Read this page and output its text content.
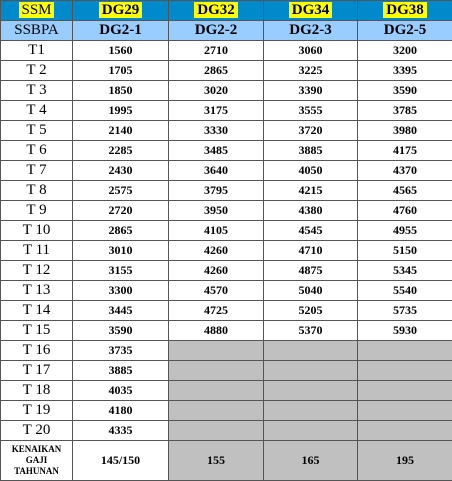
SSM	DG29	DG32	DG34	DG38
SSBPA	DG2-1	DG2-2	DG2-3	DG2-5
T1	1560	2710	3060	3200
T 2	1705	2865	3225	3395
T 3	1850	3020	3390	3590
T 4	1995	3175	3555	3785
T 5	2140	3330	3720	3980
T 6	2285	3485	3885	4175
T 7	2430	3640	4050	4370
T 8	2575	3795	4215	4565
T 9	2720	3950	4380	4760
T 10	2865	4105	4545	4955
T 11	3010	4260	4710	5150
T 12	3155	4260	4875	5345
T 13	3300	4570	5040	5540
T 14	3445	4725	5205	5735
T 15	3590	4880	5370	5930
T 16	3735			
T 17	3885			
T 18	4035			
T 19	4180			
T 20	4335			

KENAIKAN
GAJI
TAHUNAN	145/150	155	165	195
